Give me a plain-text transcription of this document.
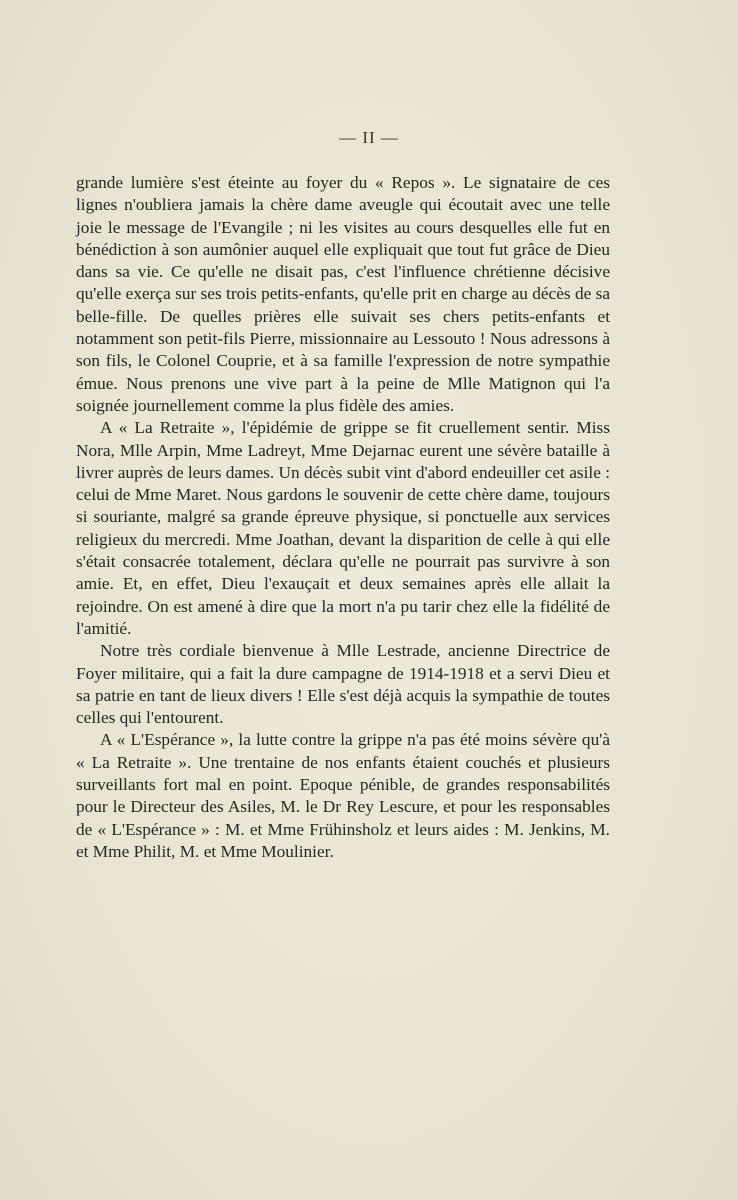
— II —

grande lumière s'est éteinte au foyer du « Repos ». Le signataire de ces lignes n'oubliera jamais la chère dame aveugle qui écoutait avec une telle joie le message de l'Evangile ; ni les visites au cours desquelles elle fut en bénédiction à son aumônier auquel elle expliquait que tout fut grâce de Dieu dans sa vie. Ce qu'elle ne disait pas, c'est l'influence chrétienne décisive qu'elle exerça sur ses trois petits-enfants, qu'elle prit en charge au décès de sa belle-fille. De quelles prières elle suivait ses chers petits-enfants et notamment son petit-fils Pierre, missionnaire au Lessouto ! Nous adressons à son fils, le Colonel Couprie, et à sa famille l'expression de notre sympathie émue. Nous prenons une vive part à la peine de Mlle Matignon qui l'a soignée journellement comme la plus fidèle des amies.

A « La Retraite », l'épidémie de grippe se fit cruellement sentir. Miss Nora, Mlle Arpin, Mme Ladreyt, Mme Dejarnac eurent une sévère bataille à livrer auprès de leurs dames. Un décès subit vint d'abord endeuiller cet asile : celui de Mme Maret. Nous gardons le souvenir de cette chère dame, toujours si souriante, malgré sa grande épreuve physique, si ponctuelle aux services religieux du mercredi. Mme Joathan, devant la disparition de celle à qui elle s'était consacrée totalement, déclara qu'elle ne pourrait pas survivre à son amie. Et, en effet, Dieu l'exauçait et deux semaines après elle allait la rejoindre. On est amené à dire que la mort n'a pu tarir chez elle la fidélité de l'amitié.

Notre très cordiale bienvenue à Mlle Lestrade, ancienne Directrice de Foyer militaire, qui a fait la dure campagne de 1914-1918 et a servi Dieu et sa patrie en tant de lieux divers ! Elle s'est déjà acquis la sympathie de toutes celles qui l'entourent.

A « L'Espérance », la lutte contre la grippe n'a pas été moins sévère qu'à « La Retraite ». Une trentaine de nos enfants étaient couchés et plusieurs surveillants fort mal en point. Epoque pénible, de grandes responsabilités pour le Directeur des Asiles, M. le Dr Rey Lescure, et pour les responsables de « L'Espérance » : M. et Mme Frühinsholz et leurs aides : M. Jenkins, M. et Mme Philit, M. et Mme Moulinier.
